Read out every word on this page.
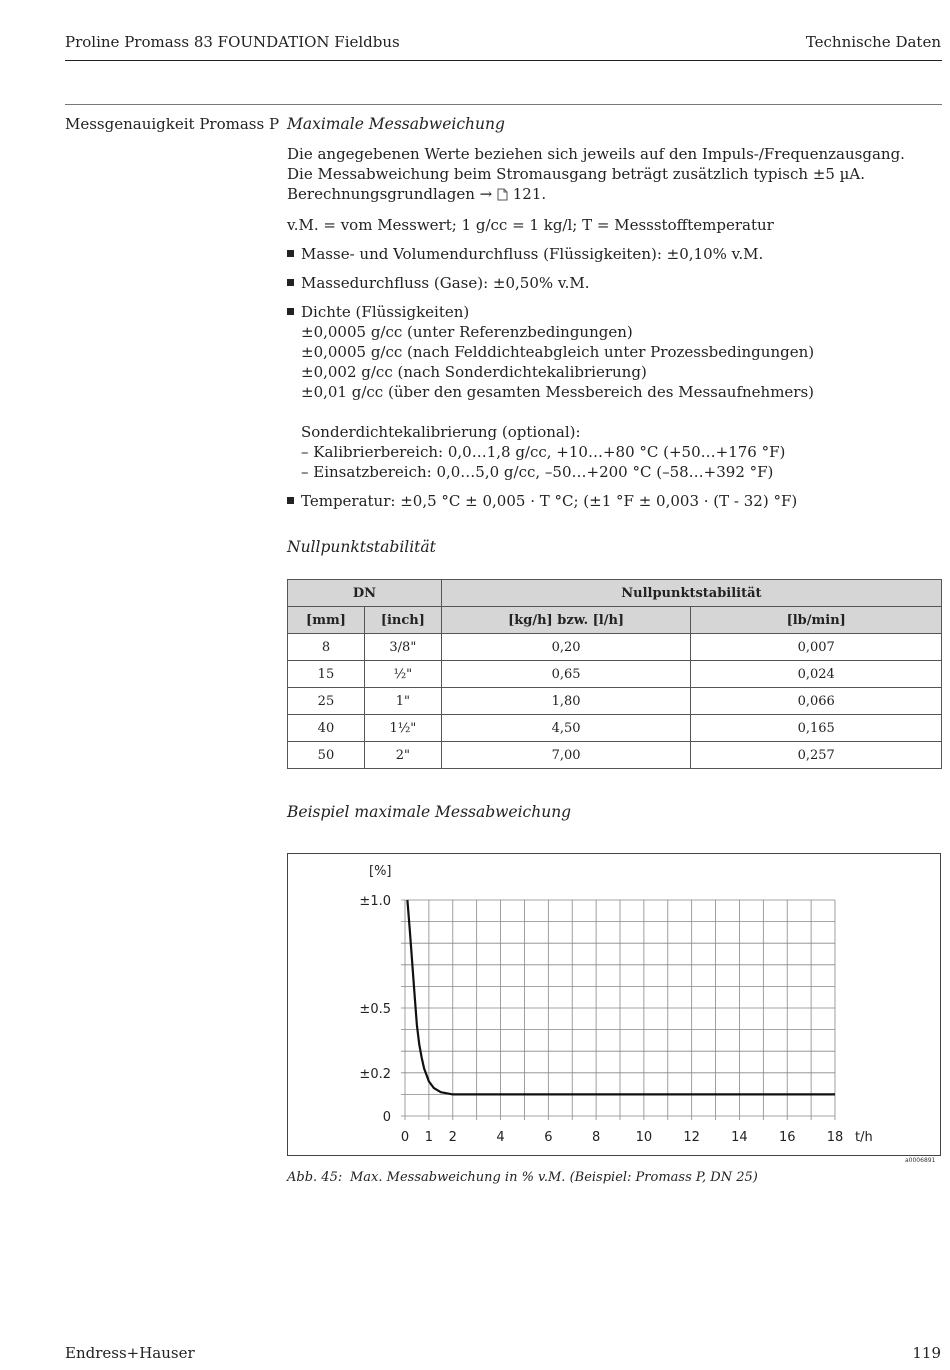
Proline Promass 83 FOUNDATION Fieldbus	Technische Daten
Messgenauigkeit Promass P Maximale Messabweichung

Die angegebenen Werte beziehen sich jeweils auf den Impuls-/Frequenzausgang.

Die Messabweichung beim Stromausgang beträgt zusätzlich typisch ±5 µA.

Berechnungsgrundlagen → 121.

v.M. = vom Messwert; 1 g/cc = 1 kg/l; T = Messstofftemperatur

Masse- und Volumendurchfluss (Flüssigkeiten): ±0,10% v.M.
Massedurchfluss (Gase): ±0,50% v.M.
Dichte (Flüssigkeiten)
±0,0005 g/cc (unter Referenzbedingungen)
±0,0005 g/cc (nach Felddichteabgleich unter Prozessbedingungen)
±0,002 g/cc (nach Sonderdichtekalibrierung)
±0,01 g/cc (über den gesamten Messbereich des Messaufnehmers)
Sonderdichtekalibrierung (optional):
– Kalibrierbereich: 0,0…1,8 g/cc, +10…+80 °C (+50…+176 °F)
– Einsatzbereich: 0,0…5,0 g/cc, –50…+200 °C (–58…+392 °F)
Temperatur: ±0,5 °C ± 0,005 · T °C; (±1 °F ± 0,003 · (T - 32) °F)
Nullpunktstabilität
DN		Nullpunktstabilität	
[mm]	[inch]	[kg/h] bzw. [l/h]	[lb/min]
8	3/8"	0,20	0,007
15	½"	0,65	0,024
25	1"	1,80	0,066
40	1½"	4,50	0,165
50	2"	7,00	0,257
Beispiel maximale Messabweichung
0
±0.2
±0.5
±1.0
[%]
0 1 2	4	6	8	10 12 14 16 18 t/h
a0006891
Abb. 45: Max. Messabweichung in % v.M. (Beispiel: Promass P, DN 25)
Endress+Hauser	119
